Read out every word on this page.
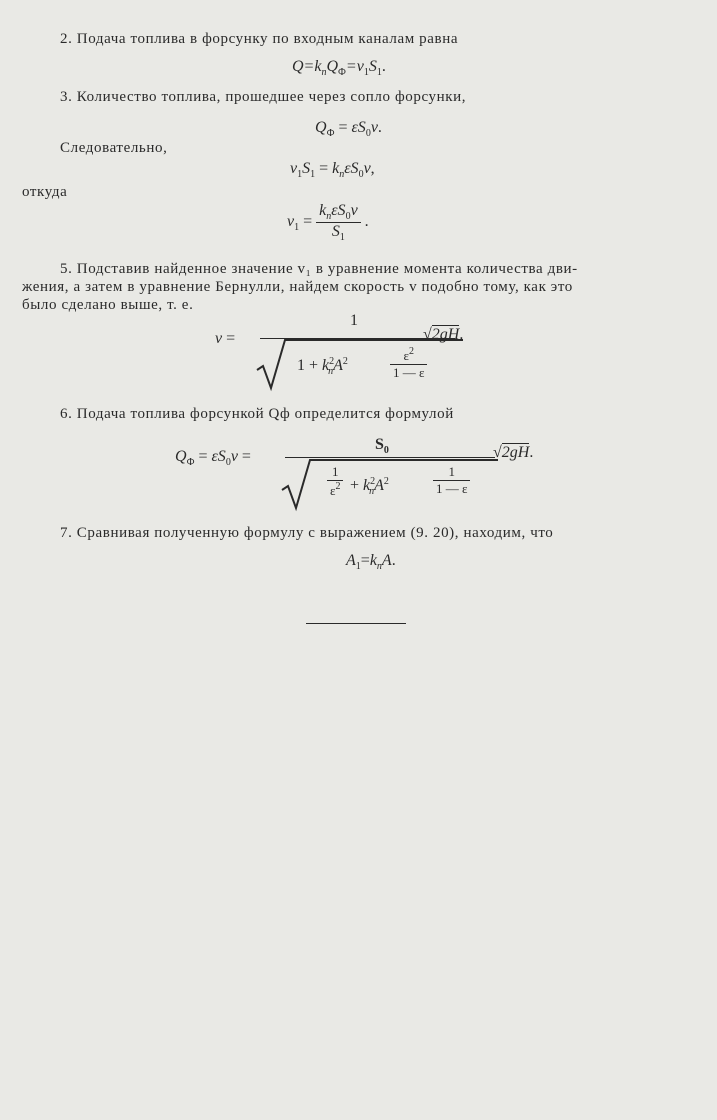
2. Подача топлива в форсунку по входным каналам равна
$Q=k_nQ_Ф=v_1S_1$.
3. Количество топлива, прошедшее через сопло форсунки,
$Q_Ф = \varepsilon S_0v$.
Следовательно,
$v_1S_1 = k_n\varepsilon S_0v$,
откуда
$v_1 = \frac{k_n\varepsilon S_0v}{S_1}$ .
5. Подставив найденное значение v₁ в уравнение момента количества дви-
жения, а затем в уравнение Бернулли, найдем скорость v подобно тому, как это
было сделано выше, т. е.
v =
1
$1 + k^2_nA^2$	$\frac{\varepsilon^2}{1 — \varepsilon}$
√2gH.
6. Подача топлива форсункой Qф определится формулой
$Q_Ф = \varepsilon S_0v$ =
$S_0$
$\frac{1}{\varepsilon^2} + k^2_nA^2$	$\frac{1}{1 — \varepsilon}$
√2gH.
7. Сравнивая полученную формулу с выражением (9. 20), находим, что
$A_1=k_nA$.
